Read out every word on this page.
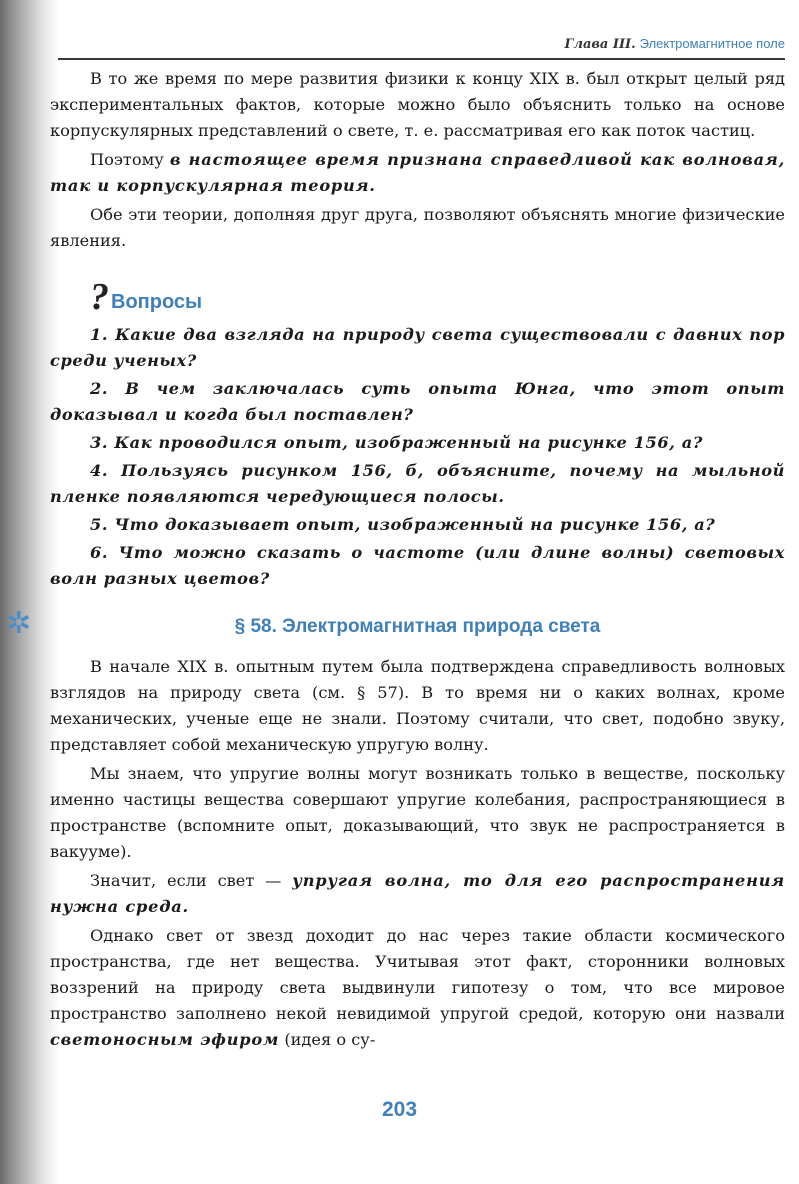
Глава III. Электромагнитное поле

В то же время по мере развития физики к концу XIX в. был открыт целый ряд экспериментальных фактов, которые можно было объяснить только на основе корпускулярных представлений о свете, т. е. рассматривая его как поток частиц.

Поэтому в настоящее время признана справедливой как волновая, так и корпускулярная теория.

Обе эти теории, дополняя друг друга, позволяют объяснять многие физические явления.

? Вопросы

1. Какие два взгляда на природу света существовали с давних пор среди ученых?

2. В чем заключалась суть опыта Юнга, что этот опыт доказывал и когда был поставлен?

3. Как проводился опыт, изображенный на рисунке 156, а?

4. Пользуясь рисунком 156, б, объясните, почему на мыльной пленке появляются чередующиеся полосы.

5. Что доказывает опыт, изображенный на рисунке 156, а?

6. Что можно сказать о частоте (или длине волны) световых волн разных цветов?

§ 58. Электромагнитная природа света

В начале XIX в. опытным путем была подтверждена справедливость волновых взглядов на природу света (см. § 57). В то время ни о каких волнах, кроме механических, ученые еще не знали. Поэтому считали, что свет, подобно звуку, представляет собой механическую упругую волну.

Мы знаем, что упругие волны могут возникать только в веществе, поскольку именно частицы вещества совершают упругие колебания, распространяющиеся в пространстве (вспомните опыт, доказывающий, что звук не распространяется в вакууме).

Значит, если свет — упругая волна, то для его распространения нужна среда.

Однако свет от звезд доходит до нас через такие области космического пространства, где нет вещества. Учитывая этот факт, сторонники волновых воззрений на природу света выдвинули гипотезу о том, что все мировое пространство заполнено некой невидимой упругой средой, которую они назвали светоносным эфиром (идея о су-

✲
203
